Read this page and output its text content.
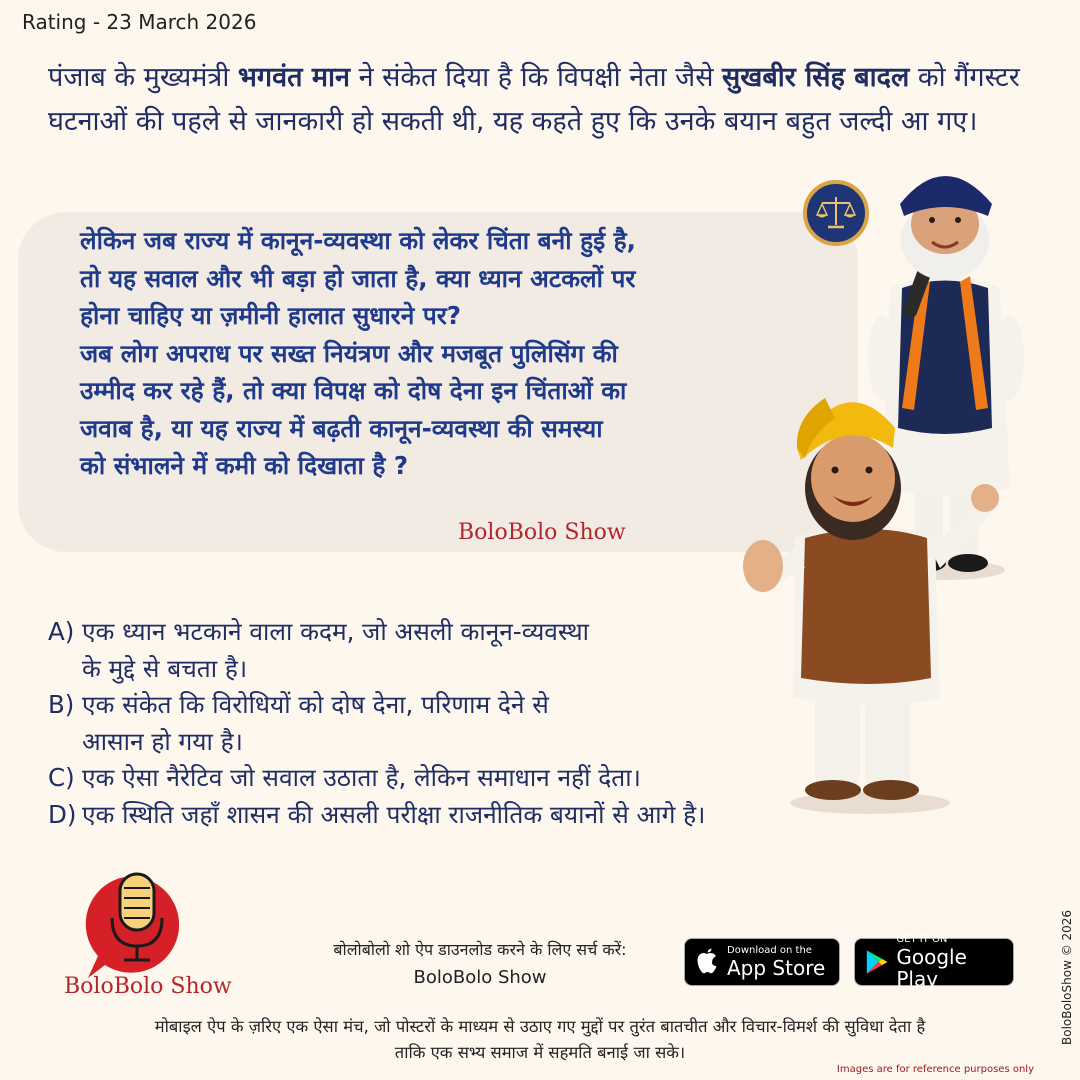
Rating - 23 March 2026
पंजाब के मुख्यमंत्री भगवंत मान ने संकेत दिया है कि विपक्षी नेता जैसे सुखबीर सिंह बादल को गैंगस्टर घटनाओं की पहले से जानकारी हो सकती थी, यह कहते हुए कि उनके बयान बहुत जल्दी आ गए।
लेकिन जब राज्य में कानून-व्यवस्था को लेकर चिंता बनी हुई है,
तो यह सवाल और भी बड़ा हो जाता है, क्या ध्यान अटकलों पर
होना चाहिए या ज़मीनी हालात सुधारने पर?
जब लोग अपराध पर सख्त नियंत्रण और मजबूत पुलिसिंग की
उम्मीद कर रहे हैं, तो क्या विपक्ष को दोष देना इन चिंताओं का
जवाब है, या यह राज्य में बढ़ती कानून-व्यवस्था की समस्या
को संभालने में कमी को दिखाता है ?
BoloBolo Show
A) एक ध्यान भटकाने वाला कदम, जो असली कानून-व्यवस्था
के मुद्दे से बचता है।
B) एक संकेत कि विरोधियों को दोष देना, परिणाम देने से
आसान हो गया है।
C) एक ऐसा नैरेटिव जो सवाल उठाता है, लेकिन समाधान नहीं देता।
D) एक स्थिति जहाँ शासन की असली परीक्षा राजनीतिक बयानों से आगे है।
BoloBolo Show
बोलोबोलो शो ऐप डाउनलोड करने के लिए सर्च करें:
BoloBolo Show
Download on the
App Store
GET IT ON
Google Play
मोबाइल ऐप के ज़रिए एक ऐसा मंच, जो पोस्टरों के माध्यम से उठाए गए मुद्दों पर तुरंत बातचीत और विचार-विमर्श की सुविधा देता है
ताकि एक सभ्य समाज में सहमति बनाई जा सके।
Images are for reference purposes only
BoloBoloShow © 2026
